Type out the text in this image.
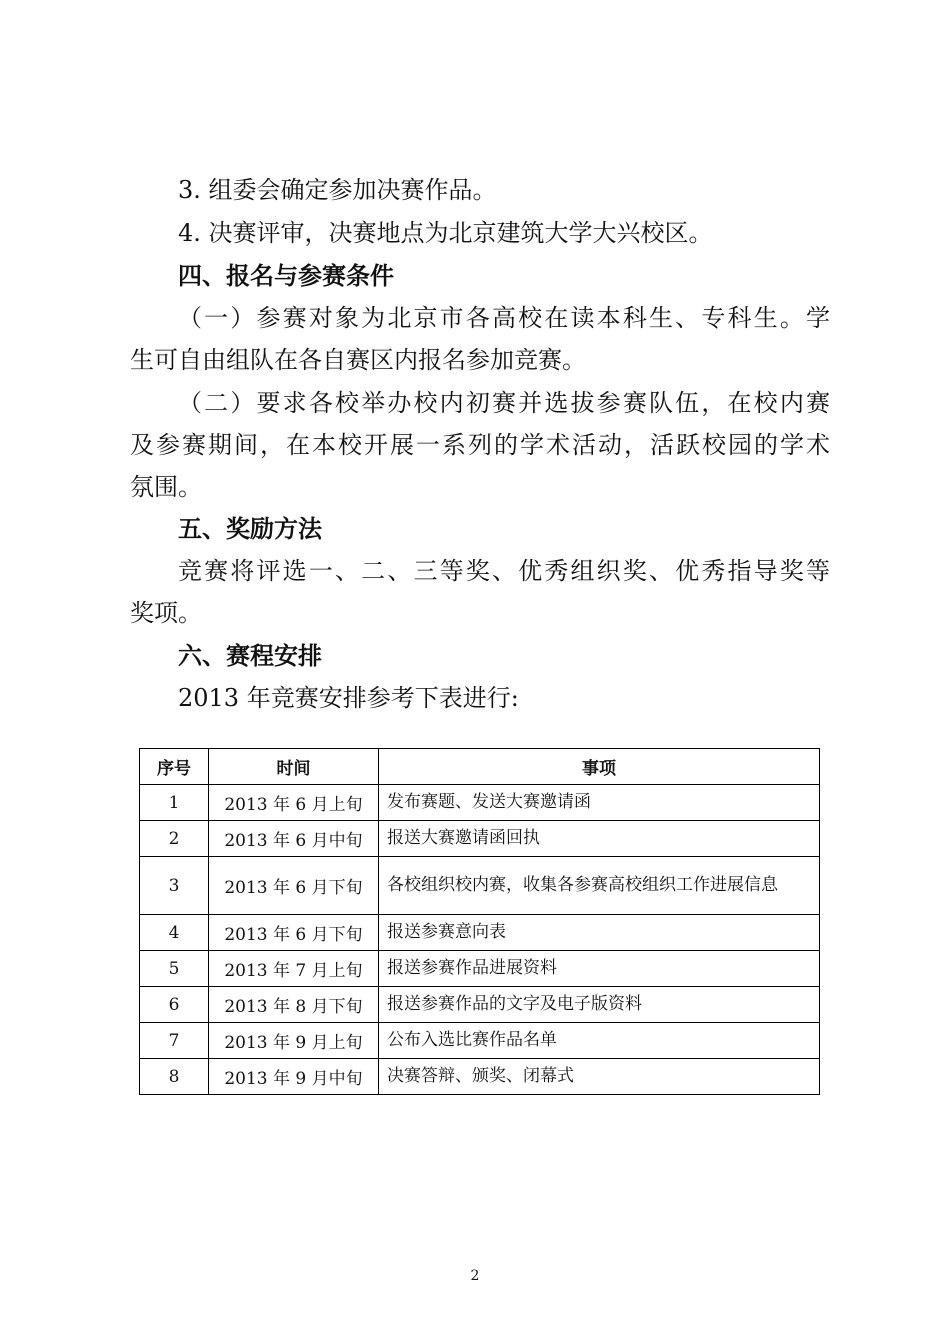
3. 组委会确定参加决赛作品。
4. 决赛评审，决赛地点为北京建筑大学大兴校区。
四、报名与参赛条件
（一）参赛对象为北京市各高校在读本科生、专科生。学
生可自由组队在各自赛区内报名参加竞赛。
（二）要求各校举办校内初赛并选拔参赛队伍，在校内赛
及参赛期间，在本校开展一系列的学术活动，活跃校园的学术
氛围。
五、奖励方法
竞赛将评选一、二、三等奖、优秀组织奖、优秀指导奖等
奖项。
六、赛程安排
2013 年竞赛安排参考下表进行:
序号	时间	事项
1	2013 年 6 月上旬	发布赛题、发送大赛邀请函
2	2013 年 6 月中旬	报送大赛邀请函回执
3	2013 年 6 月下旬	各校组织校内赛，收集各参赛高校组织工作进展信息
4	2013 年 6 月下旬	报送参赛意向表
5	2013 年 7 月上旬	报送参赛作品进展资料
6	2013 年 8 月下旬	报送参赛作品的文字及电子版资料
7	2013 年 9 月上旬	公布入选比赛作品名单
8	2013 年 9 月中旬	决赛答辩、颁奖、闭幕式
2
